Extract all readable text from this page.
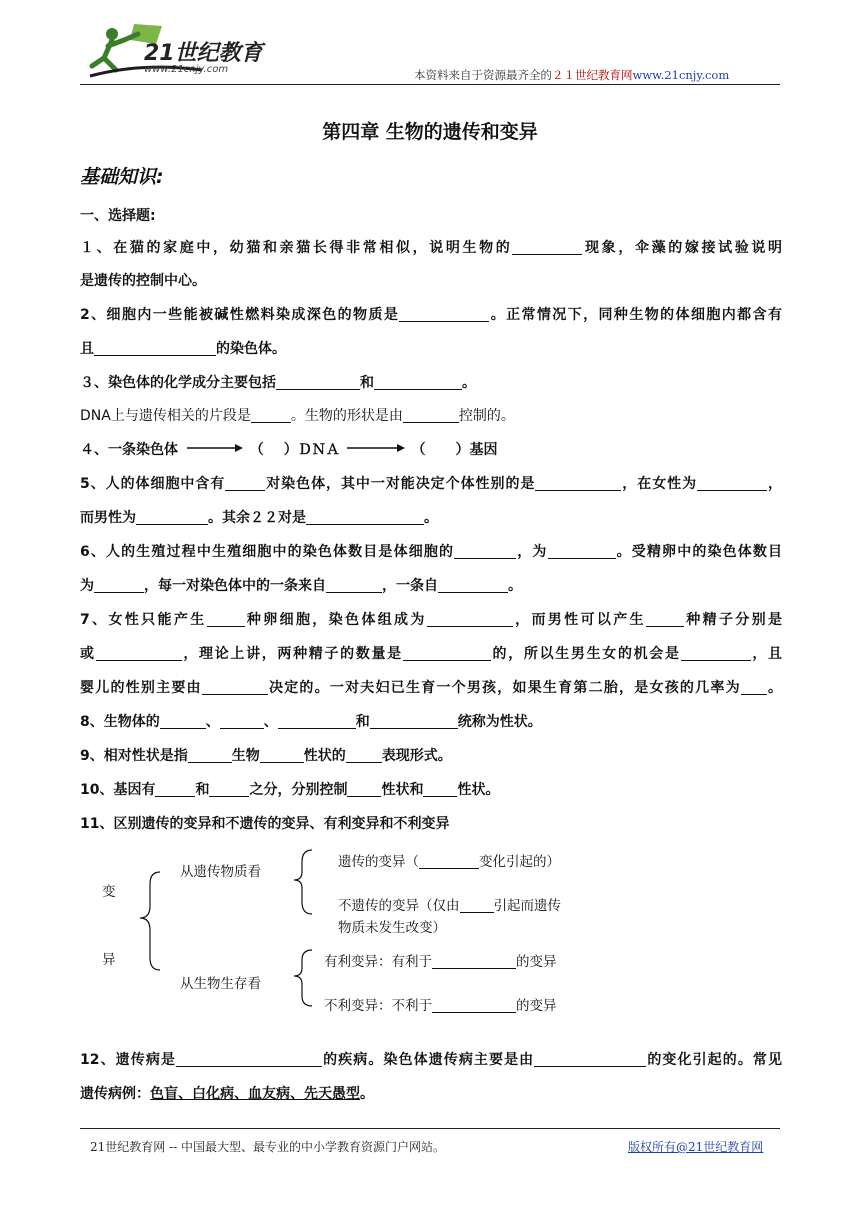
21世纪教育
www.21cnjy.com	本资料来自于资源最齐全的２１世纪教育网www.21cnjy.com
第四章 生物的遗传和变异
基础知识:
一、选择题:
１、在猫的家庭中，幼猫和亲猫长得非常相似，说明生物的	现象，伞藻的嫁接试验说明
是遗传的控制中心。
2、细胞内一些能被碱性燃料染成深色的物质是	。正常情况下，同种生物的体细胞内都含有
且	的染色体。
３、染色体的化学成分主要包括	和	。
DNA上与遗传相关的片段是	。生物的形状是由	控制的。
４、一条染色体	（ ）ＤＮＡ	（ ）基因
5、人的体细胞中含有	对染色体，其中一对能决定个体性别的是	，在女性为	，
而男性为	。其余２２对是	。
6、人的生殖过程中生殖细胞中的染色体数目是体细胞的	，为	。受精卵中的染色体数目
为	，每一对染色体中的一条来自	，一条自	。
7、女性只能产生	种卵细胞，染色体组成为	，而男性可以产生	种精子分别是
或	，理论上讲，两种精子的数量是	的，所以生男生女的机会是	，且
婴儿的性别主要由	决定的。一对夫妇已生育一个男孩，如果生育第二胎，是女孩的几率为 。
8、生物体的	、	、	和	统称为性状。
9、相对性状是指	生物	性状的	表现形式。
10、基因有	和	之分，分别控制 性状和 性状。
11、区别遗传的变异和不遗传的变异、有利变异和不利变异
变
异
从遗传物质看
从生物生存看
遗传的变异（	变化引起的）
不遗传的变异（仅由	引起而遗传
物质未发生改变）
有利变异：有利于	的变异
不利变异：不利于	的变异
12、遗传病是	的疾病。染色体遗传病主要是由	的变化引起的。常见
遗传病例：色盲、白化病、血友病、先天愚型。
21世纪教育网 -- 中国最大型、最专业的中小学教育资源门户网站。	版权所有@21世纪教育网
